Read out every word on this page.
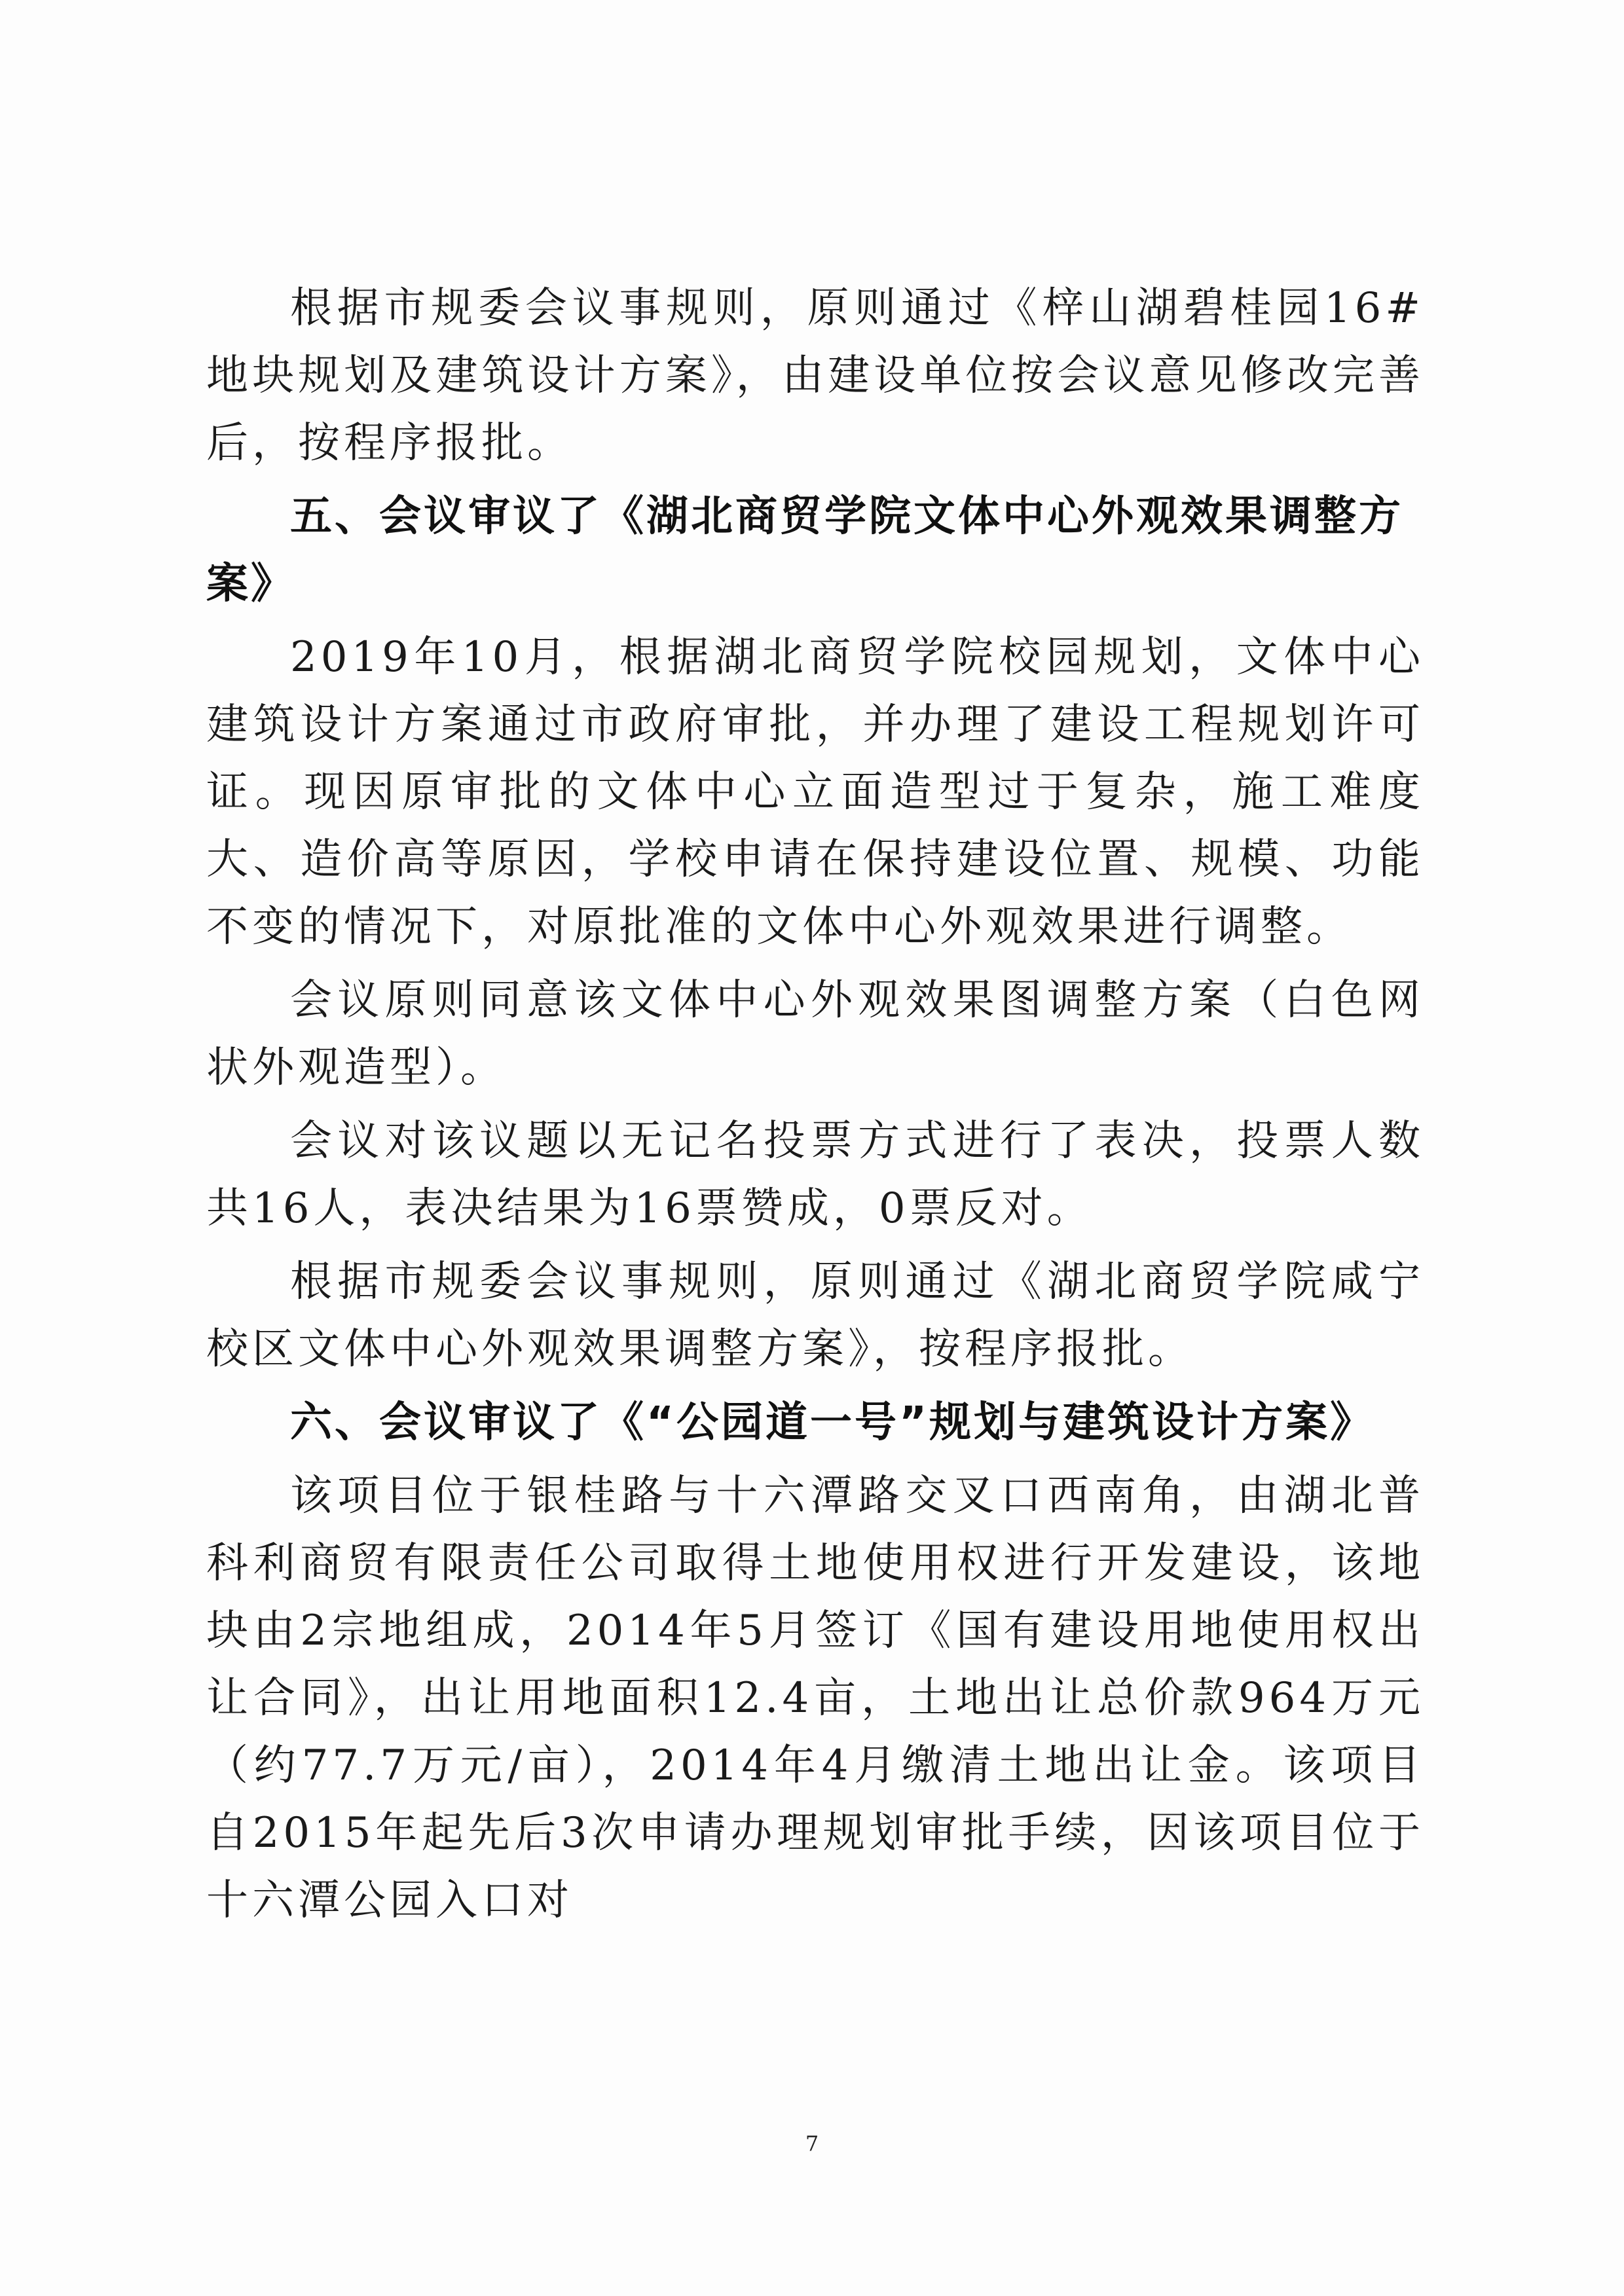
根据市规委会议事规则，原则通过《梓山湖碧桂园16#地块规划及建筑设计方案》，由建设单位按会议意见修改完善后，按程序报批。

五、会议审议了《湖北商贸学院文体中心外观效果调整方案》

2019年10月，根据湖北商贸学院校园规划，文体中心建筑设计方案通过市政府审批，并办理了建设工程规划许可证。现因原审批的文体中心立面造型过于复杂，施工难度大、造价高等原因，学校申请在保持建设位置、规模、功能不变的情况下，对原批准的文体中心外观效果进行调整。

会议原则同意该文体中心外观效果图调整方案（白色网状外观造型）。

会议对该议题以无记名投票方式进行了表决，投票人数共16人，表决结果为16票赞成，0票反对。

根据市规委会议事规则，原则通过《湖北商贸学院咸宁校区文体中心外观效果调整方案》，按程序报批。

六、会议审议了《“公园道一号”规划与建筑设计方案》

该项目位于银桂路与十六潭路交叉口西南角，由湖北普科利商贸有限责任公司取得土地使用权进行开发建设，该地块由2宗地组成，2014年5月签订《国有建设用地使用权出让合同》，出让用地面积12.4亩，土地出让总价款964万元（约77.7万元/亩），2014年4月缴清土地出让金。该项目自2015年起先后3次申请办理规划审批手续，因该项目位于十六潭公园入口对

7
